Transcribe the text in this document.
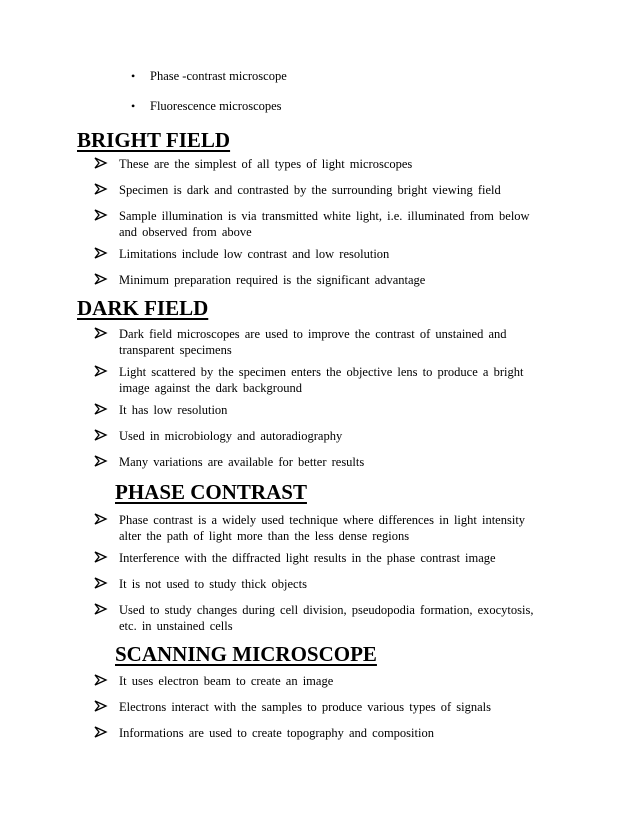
• Phase -contrast microscope
• Fluorescence microscopes
BRIGHT FIELD
These are the simplest of all types of light microscopes
Specimen is dark and contrasted by the surrounding bright viewing field
Sample illumination is via transmitted white light, i.e. illuminated from below and observed from above
Limitations include low contrast and low resolution
Minimum preparation required is the significant advantage
DARK FIELD
Dark field microscopes are used to improve the contrast of unstained and transparent specimens
Light scattered by the specimen enters the objective lens to produce a bright image against the dark background
It has low resolution
Used in microbiology and autoradiography
Many variations are available for better results
PHASE CONTRAST
Phase contrast is a widely used technique where differences in light intensity alter the path of light more than the less dense regions
Interference with the diffracted light results in the phase contrast image
It is not used to study thick objects
Used to study changes during cell division, pseudopodia formation, exocytosis, etc. in unstained cells
SCANNING MICROSCOPE
It uses electron beam to create an image
Electrons interact with the samples to produce various types of signals
Informations are used to create topography and composition
